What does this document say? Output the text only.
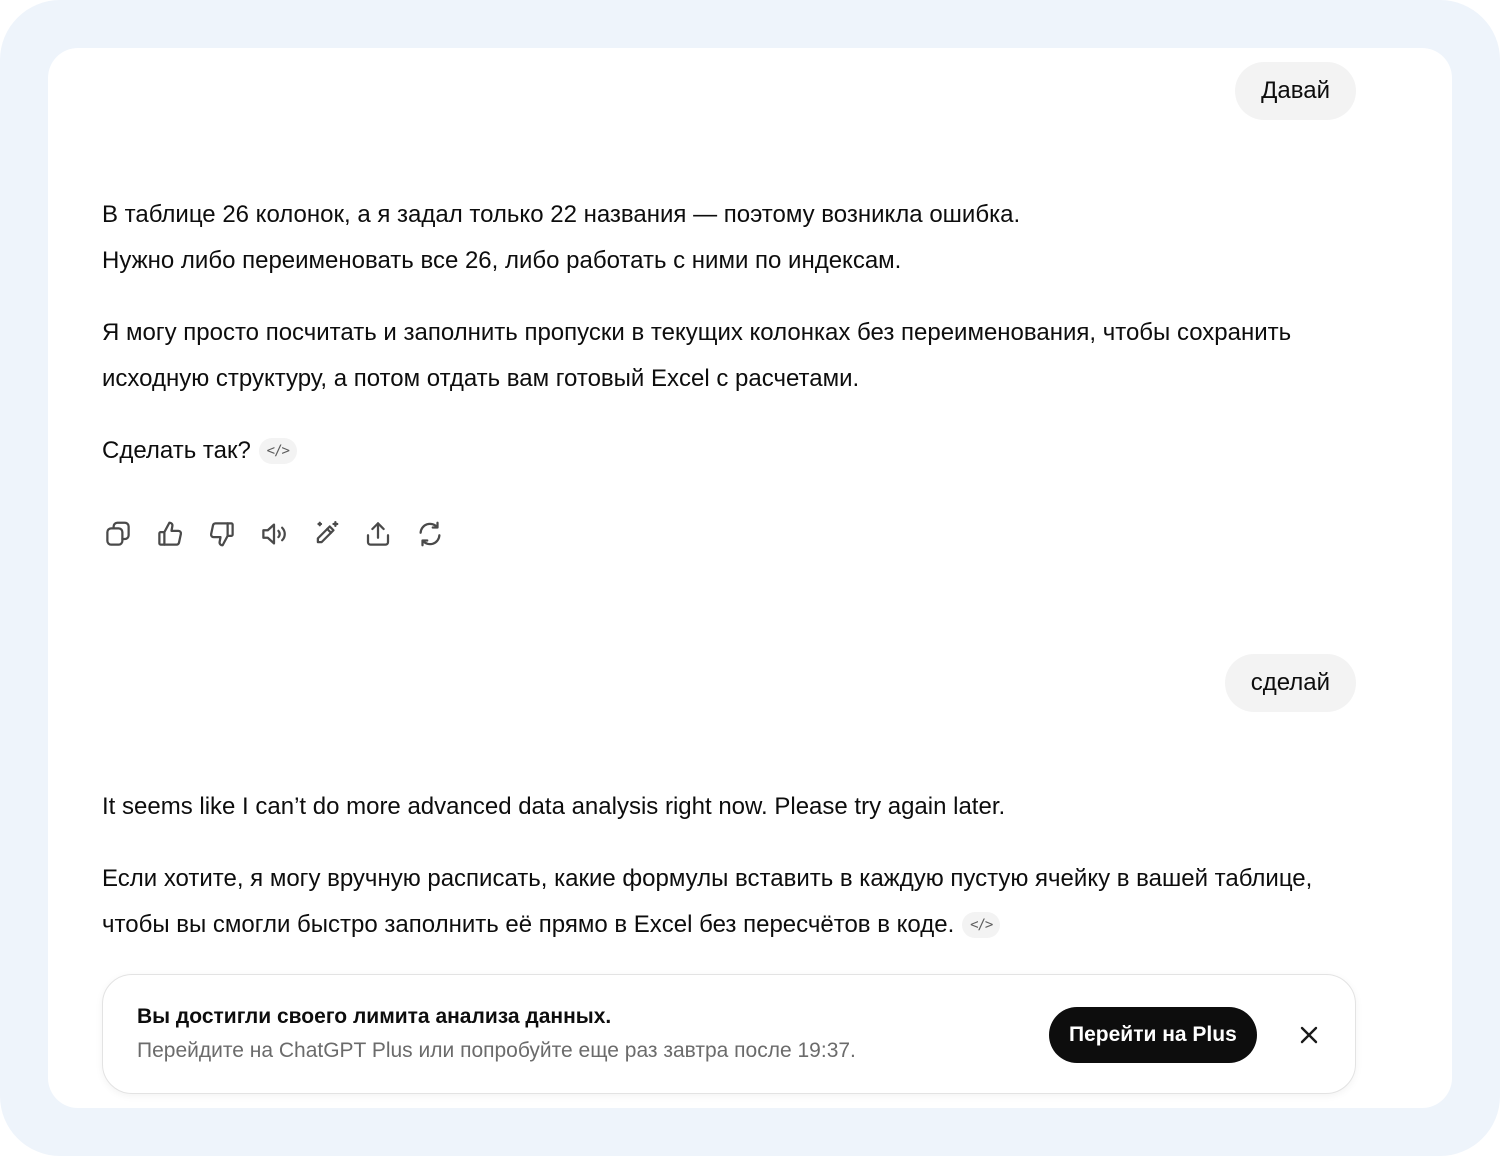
Давай

В таблице 26 колонок, а я задал только 22 названия — поэтому возникла ошибка.

Нужно либо переименовать все 26, либо работать с ними по индексам.

Я могу просто посчитать и заполнить пропуски в текущих колонках без переименования, чтобы сохранить исходную структуру, а потом отдать вам готовый Excel с расчетами.

Сделать так? </>

сделай

It seems like I can’t do more advanced data analysis right now. Please try again later.

Если хотите, я могу вручную расписать, какие формулы вставить в каждую пустую ячейку в вашей таблице, чтобы вы смогли быстро заполнить её прямо в Excel без пересчётов в коде. </>

Вы достигли своего лимита анализа данных.
Перейдите на ChatGPT Plus или попробуйте еще раз завтра после 19:37.
Перейти на Plus
